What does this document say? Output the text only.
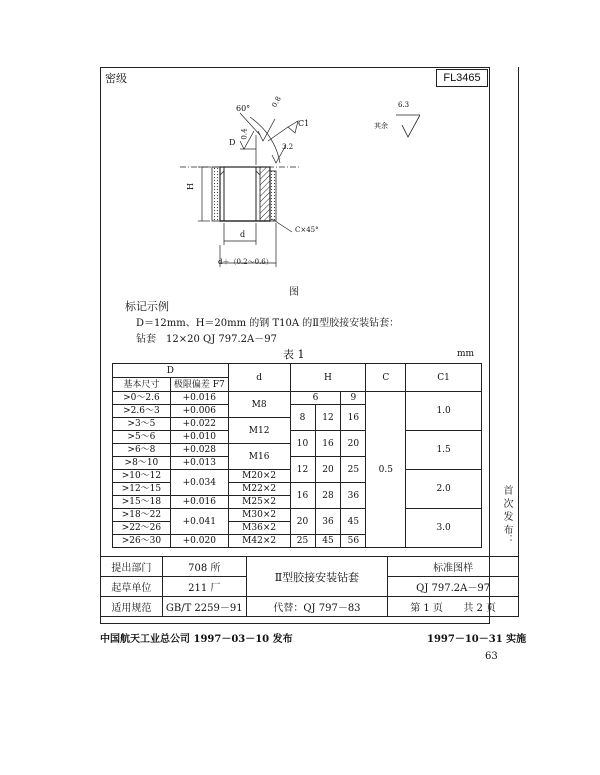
密级	FL3465
60°	0.8
0.4
3.2
C1
D
H
d
d＋（0.2～0.6）
C×45°
6.3
其余
图
标记示例
D＝12mm、H＝20mm 的钢 T10A 的Ⅱ型胶接安装钻套：
钻套　12×20 QJ 797.2A－97
表 1	mm
D		d	H			C	C1
基本尺寸	极限偏差 F7						
>0～2.6	+0.016	M8	6		9	0.5	1.0
>2.6～3	+0.006		8	12	16		
>3～5	+0.022	M12					
>5～6	+0.010		10	16	20		1.5
>6～8	+0.028	M16					
>8～10	+0.013		12	20	25		
>10～12	+0.034	M20×2					2.0
>12～15		M22×2	16	28	36		
>15～18	+0.016	M25×2					
>18～22	+0.041	M30×2	20	36	45		3.0
>22～26		M36×2					
>26～30	+0.020	M42×2	25	45	56			首 次 发 布：
提出部门	708 所	Ⅱ型胶接安装钻套	标准图样
起草单位	211 厂		QJ 797.2A－97
适用规范	GB/T 2259－91	代替：QJ 797－83	第 1 页 共 2 页
中国航天工业总公司 1997－03－10 发布	1997－10－31 实施
63
